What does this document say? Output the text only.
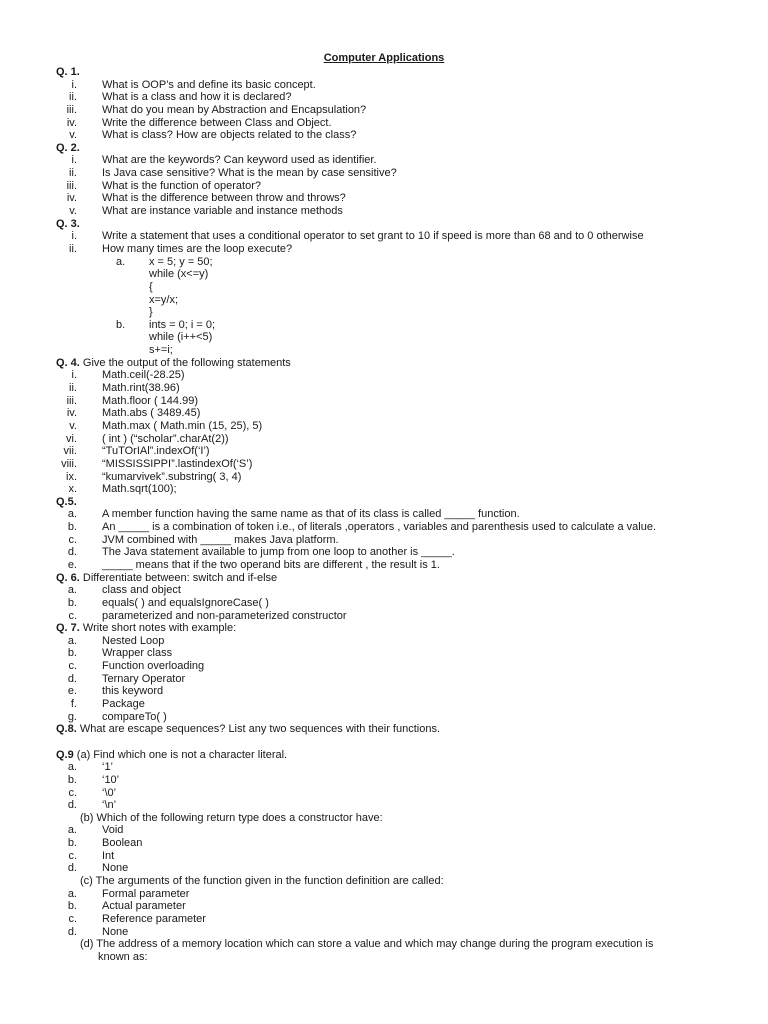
Computer Applications
Q. 1.
i. What is OOP’s and define its basic concept.
ii. What is a class and how it is declared?
iii. What do you mean by Abstraction and Encapsulation?
iv. Write the difference between Class and Object.
v. What is class? How are objects related to the class?
Q. 2.
i. What are the keywords? Can keyword used as identifier.
ii. Is Java case sensitive? What is the mean by case sensitive?
iii. What is the function of operator?
iv. What is the difference between throw and throws?
v. What are instance variable and instance methods
Q. 3.
i. Write a statement that uses a conditional operator to set grant to 10 if speed is more than 68 and to 0 otherwise
ii. How many times are the loop execute?
a. x = 5; y = 50;
while (x<=y)
{
x=y/x;
}
b. ints = 0; i = 0;
while (i++<5)
s+=i;
Q. 4. Give the output of the following statements
i. Math.ceil(-28.25)
ii. Math.rint(38.96)
iii. Math.floor ( 144.99)
iv. Math.abs ( 3489.45)
v. Math.max ( Math.min (15, 25), 5)
vi. ( int ) (“scholar”.charAt(2))
vii. “TuTOrIAl”.indexOf(‘I’)
viii. “MISSISSIPPI”.lastindexOf(‘S’)
ix. “kumarvivek”.substring( 3, 4)
x. Math.sqrt(100);
Q.5.
a. A member function having the same name as that of its class is called _____ function.
b. An _____ is a combination of token i.e., of literals ,operators , variables and parenthesis used to calculate a value.
c. JVM combined with _____ makes Java platform.
d. The Java statement available to jump from one loop to another is _____.
e. _____ means that if the two operand bits are different , the result is 1.
Q. 6. Differentiate between: switch and if-else
a. class and object
b. equals( ) and equalsIgnoreCase( )
c. parameterized and non-parameterized constructor
Q. 7. Write short notes with example:
a. Nested Loop
b. Wrapper class
c. Function overloading
d. Ternary Operator
e. this keyword
f. Package
g. compareTo( )
Q.8. What are escape sequences? List any two sequences with their functions.
Q.9 (a) Find which one is not a character literal.
a. ‘1’
b. ‘10’
c. ‘\0’
d. ‘\n’
(b) Which of the following return type does a constructor have:
a. Void
b. Boolean
c. Int
d. None
(c) The arguments of the function given in the function definition are called:
a. Formal parameter
b. Actual parameter
c. Reference parameter
d. None
(d) The address of a memory location which can store a value and which may change during the program execution is
known as:
